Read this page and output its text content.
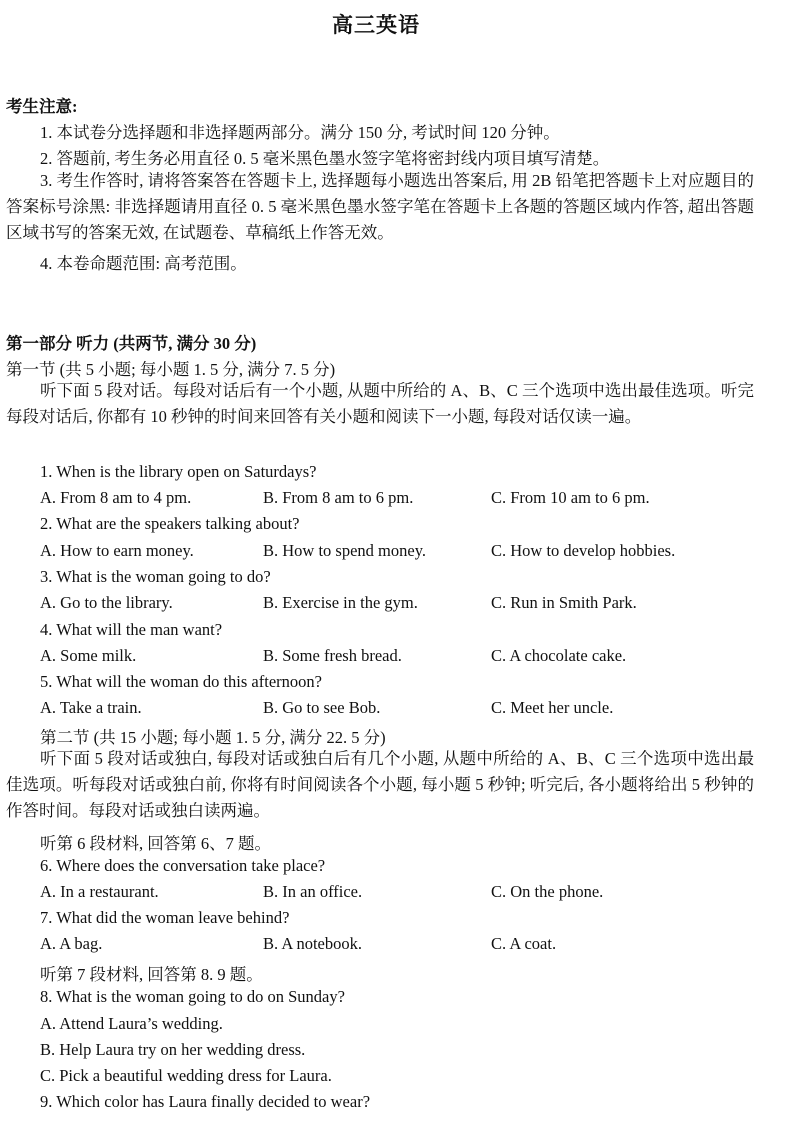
高三英语
考生注意:
1. 本试卷分选择题和非选择题两部分。满分 150 分, 考试时间 120 分钟。
2. 答题前, 考生务必用直径 0. 5 毫米黑色墨水签字笔将密封线内项目填写清楚。
3. 考生作答时, 请将答案答在答题卡上, 选择题每小题选出答案后, 用 2B 铅笔把答题卡上对应题目的答案标号涂黑: 非选择题请用直径 0. 5 毫米黑色墨水签字笔在答题卡上各题的答题区域内作答, 超出答题区域书写的答案无效, 在试题卷、草稿纸上作答无效。
4. 本卷命题范围: 高考范围。
第一部分 听力 (共两节, 满分 30 分)
第一节 (共 5 小题; 每小题 1. 5 分, 满分 7. 5 分)
听下面 5 段对话。每段对话后有一个小题, 从题中所给的 A、B、C 三个选项中选出最佳选项。听完每段对话后, 你都有 10 秒钟的时间来回答有关小题和阅读下一小题, 每段对话仅读一遍。
1. When is the library open on Saturdays?
A. From 8 am to 4 pm.	B. From 8 am to 6 pm.	C. From 10 am to 6 pm.
2. What are the speakers talking about?
A. How to earn money.	B. How to spend money.	C. How to develop hobbies.
3. What is the woman going to do?
A. Go to the library.	B. Exercise in the gym.	C. Run in Smith Park.
4. What will the man want?
A. Some milk.	B. Some fresh bread.	C. A chocolate cake.
5. What will the woman do this afternoon?
A. Take a train.	B. Go to see Bob.	C. Meet her uncle.
第二节 (共 15 小题; 每小题 1. 5 分, 满分 22. 5 分)
听下面 5 段对话或独白, 每段对话或独白后有几个小题, 从题中所给的 A、B、C 三个选项中选出最佳选项。听每段对话或独白前, 你将有时间阅读各个小题, 每小题 5 秒钟; 听完后, 各小题将给出 5 秒钟的作答时间。每段对话或独白读两遍。
听第 6 段材料, 回答第 6、7 题。
6. Where does the conversation take place?
A. In a restaurant.	B. In an office.	C. On the phone.
7. What did the woman leave behind?
A. A bag.	B. A notebook.	C. A coat.
听第 7 段材料, 回答第 8. 9 题。
8. What is the woman going to do on Sunday?
A. Attend Laura’s wedding.
B. Help Laura try on her wedding dress.
C. Pick a beautiful wedding dress for Laura.
9. Which color has Laura finally decided to wear?
